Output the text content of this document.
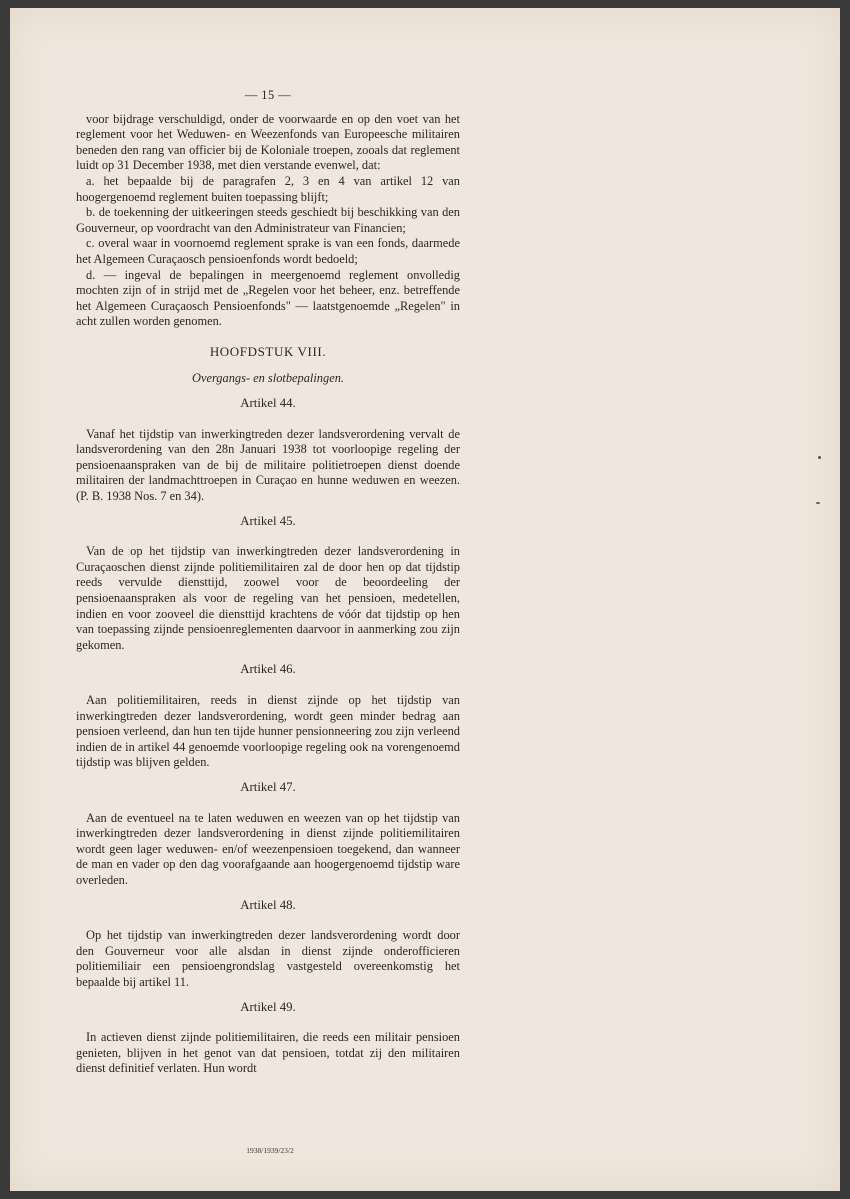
— 15 —

voor bijdrage verschuldigd, onder de voorwaarde en op den voet van het reglement voor het Weduwen- en Weezenfonds van Europeesche militairen beneden den rang van officier bij de Koloniale troepen, zooals dat reglement luidt op 31 December 1938, met dien verstande evenwel, dat:

a. het bepaalde bij de paragrafen 2, 3 en 4 van artikel 12 van hoogergenoemd reglement buiten toepassing blijft;

b. de toekenning der uitkeeringen steeds geschiedt bij beschikking van den Gouverneur, op voordracht van den Administrateur van Financien;

c. overal waar in voornoemd reglement sprake is van een fonds, daarmede het Algemeen Curaçaosch pensioenfonds wordt bedoeld;

d. — ingeval de bepalingen in meergenoemd reglement onvolledig mochten zijn of in strijd met de „Regelen voor het beheer, enz. betreffende het Algemeen Curaçaosch Pensioenfonds" — laatstgenoemde „Regelen" in acht zullen worden genomen.

HOOFDSTUK VIII.
Overgangs- en slotbepalingen.
Artikel 44.

Vanaf het tijdstip van inwerkingtreden dezer landsverordening vervalt de landsverordening van den 28n Januari 1938 tot voorloopige regeling der pensioenaanspraken van de bij de militaire politietroepen dienst doende militairen der landmachttroepen in Curaçao en hunne weduwen en weezen. (P. B. 1938 Nos. 7 en 34).

Artikel 45.

Van de op het tijdstip van inwerkingtreden dezer landsverordening in Curaçaoschen dienst zijnde politiemilitairen zal de door hen op dat tijdstip reeds vervulde diensttijd, zoowel voor de beoordeeling der pensioenaanspraken als voor de regeling van het pensioen, medetellen, indien en voor zooveel die diensttijd krachtens de vóór dat tijdstip op hen van toepassing zijnde pensioenreglementen daarvoor in aanmerking zou zijn gekomen.

Artikel 46.

Aan politiemilitairen, reeds in dienst zijnde op het tijdstip van inwerkingtreden dezer landsverordening, wordt geen minder bedrag aan pensioen verleend, dan hun ten tijde hunner pensionneering zou zijn verleend indien de in artikel 44 genoemde voorloopige regeling ook na vorengenoemd tijdstip was blijven gelden.

Artikel 47.

Aan de eventueel na te laten weduwen en weezen van op het tijdstip van inwerkingtreden dezer landsverordening in dienst zijnde politiemilitairen wordt geen lager weduwen- en/of weezenpensioen toegekend, dan wanneer de man en vader op den dag voorafgaande aan hoogergenoemd tijdstip ware overleden.

Artikel 48.

Op het tijdstip van inwerkingtreden dezer landsverordening wordt door den Gouverneur voor alle alsdan in dienst zijnde onderofficieren politiemiliair een pensioengrondslag vastgesteld overeenkomstig het bepaalde bij artikel 11.

Artikel 49.

In actieven dienst zijnde politiemilitairen, die reeds een militair pensioen genieten, blijven in het genot van dat pensioen, totdat zij den militairen dienst definitief verlaten. Hun wordt

1938/1939/23/2
